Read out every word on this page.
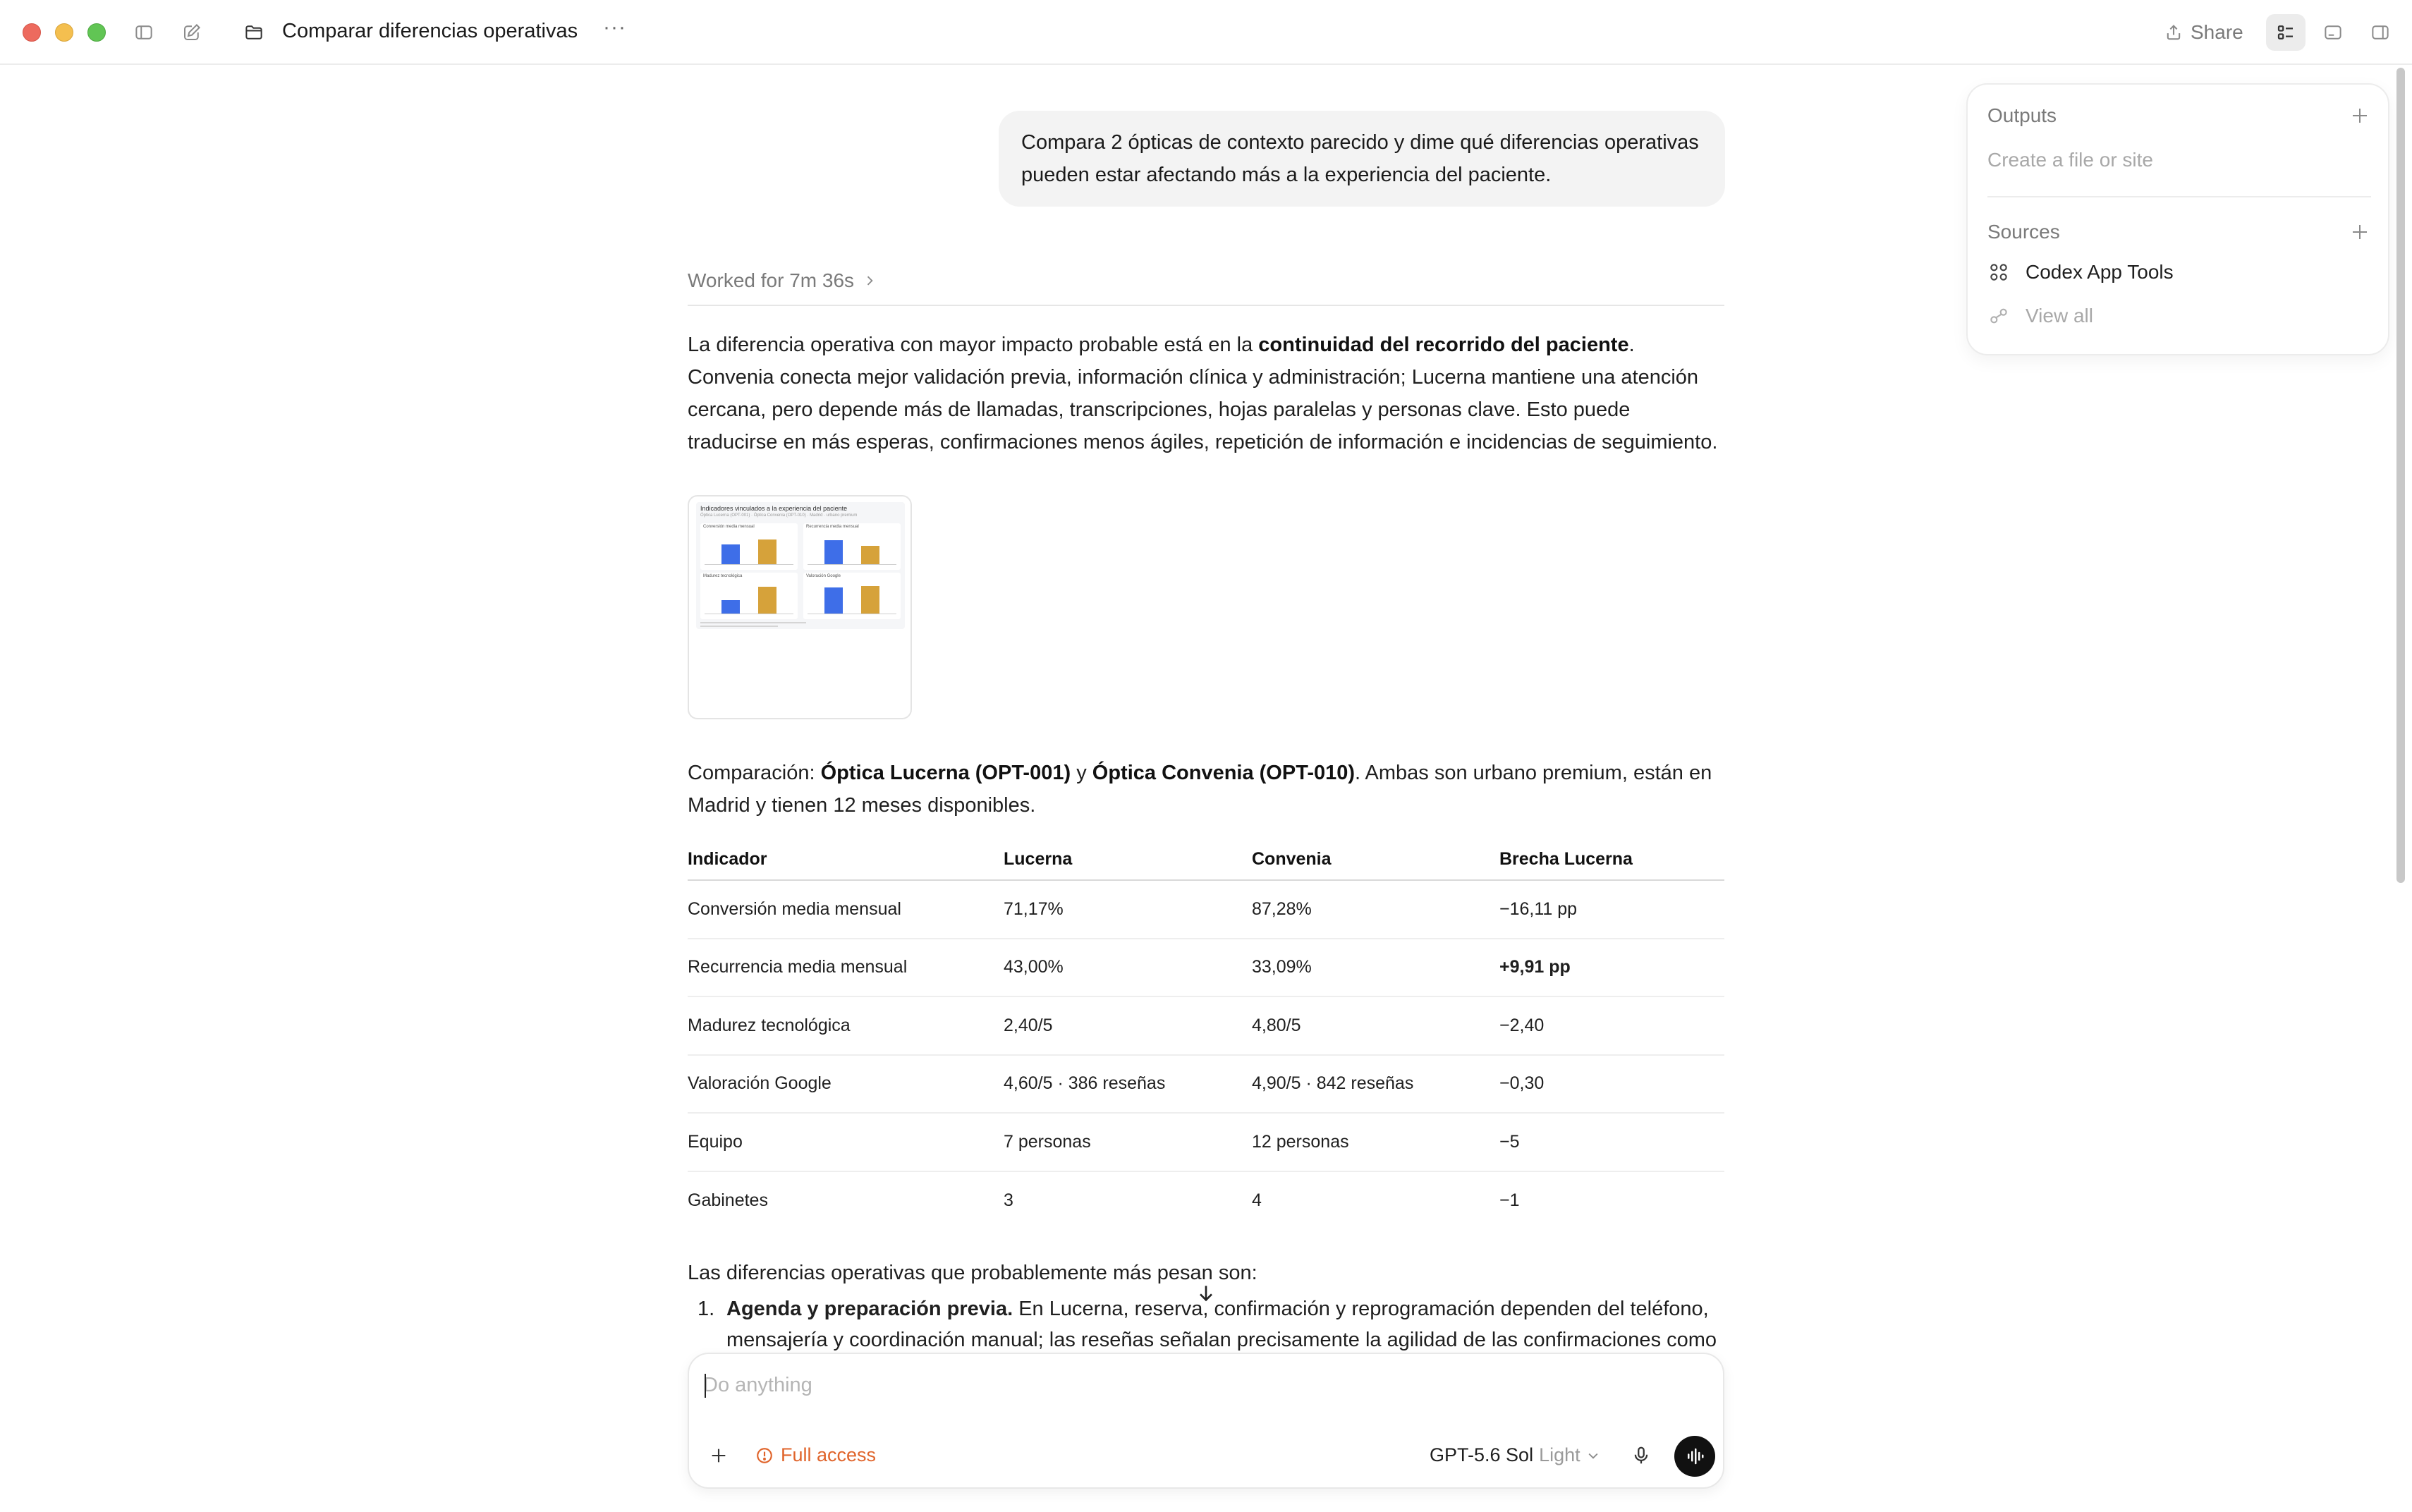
Comparar diferencias operativas ···	Share
Compara 2 ópticas de contexto parecido y dime qué diferencias operativas pueden estar afectando más a la experiencia del paciente.
Worked for 7m 36s

La diferencia operativa con mayor impacto probable está en la continuidad del recorrido del paciente. Convenia conecta mejor validación previa, información clínica y administración; Lucerna mantiene una atención cercana, pero depende más de llamadas, transcripciones, hojas paralelas y personas clave. Esto puede traducirse en más esperas, confirmaciones menos ágiles, repetición de información e incidencias de seguimiento.

Indicadores vinculados a la experiencia del paciente
Óptica Lucerna (OPT-001) · Óptica Convenia (OPT-010) · Madrid · urbano premium
Conversión media mensual	Recurrencia media mensual
Madurez tecnológica	Valoración Google

Comparación: Óptica Lucerna (OPT-001) y Óptica Convenia (OPT-010). Ambas son urbano premium, están en Madrid y tienen 12 meses disponibles.

Indicador	Lucerna	Convenia	Brecha Lucerna
Conversión media mensual	71,17%	87,28%	−16,11 pp
Recurrencia media mensual	43,00%	33,09%	+9,91 pp
Madurez tecnológica	2,40/5	4,80/5	−2,40
Valoración Google	4,60/5 · 386 reseñas	4,90/5 · 842 reseñas	−0,30
Equipo	7 personas	12 personas	−5
Gabinetes	3	4	−1

Las diferencias operativas que probablemente más pesan son:

1. Agenda y preparación previa. En Lucerna, reserva, confirmación y reprogramación dependen del teléfono, mensajería y coordinación manual; las reseñas señalan precisamente la agilidad de las confirmaciones como
Do anything
Full access	GPT-5.6 Sol Light
Outputs
Create a file or site
Sources
Codex App Tools
View all
